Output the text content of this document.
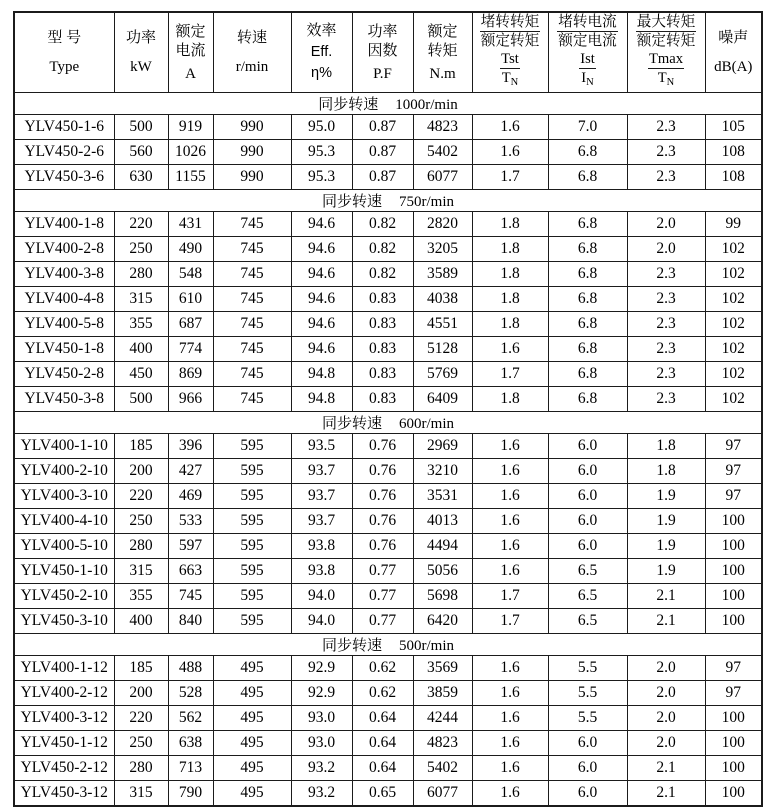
型 号
Type

功率
kW

额定
电流
A

转速
r/min

效率
Eff.
η%

功率
因数
P.F

额定
转矩
N.m

堵转转矩
额定转矩
Tst
$T_N$

堵转电流
额定电流
Ist
$I_N$

最大转矩
额定转矩
Tmax
$T_N$

噪声
dB(A)

同步转速 1000r/min										
YLV450-1-6	500	919	990	95.0	0.87	4823	1.6	7.0	2.3	105
YLV450-2-6	560	1026	990	95.3	0.87	5402	1.6	6.8	2.3	108
YLV450-3-6	630	1155	990	95.3	0.87	6077	1.7	6.8	2.3	108
同步转速 750r/min										
YLV400-1-8	220	431	745	94.6	0.82	2820	1.8	6.8	2.0	99
YLV400-2-8	250	490	745	94.6	0.82	3205	1.8	6.8	2.0	102
YLV400-3-8	280	548	745	94.6	0.82	3589	1.8	6.8	2.3	102
YLV400-4-8	315	610	745	94.6	0.83	4038	1.8	6.8	2.3	102
YLV400-5-8	355	687	745	94.6	0.83	4551	1.8	6.8	2.3	102
YLV450-1-8	400	774	745	94.6	0.83	5128	1.6	6.8	2.3	102
YLV450-2-8	450	869	745	94.8	0.83	5769	1.7	6.8	2.3	102
YLV450-3-8	500	966	745	94.8	0.83	6409	1.8	6.8	2.3	102
同步转速 600r/min										
YLV400-1-10	185	396	595	93.5	0.76	2969	1.6	6.0	1.8	97
YLV400-2-10	200	427	595	93.7	0.76	3210	1.6	6.0	1.8	97
YLV400-3-10	220	469	595	93.7	0.76	3531	1.6	6.0	1.9	97
YLV400-4-10	250	533	595	93.7	0.76	4013	1.6	6.0	1.9	100
YLV400-5-10	280	597	595	93.8	0.76	4494	1.6	6.0	1.9	100
YLV450-1-10	315	663	595	93.8	0.77	5056	1.6	6.5	1.9	100
YLV450-2-10	355	745	595	94.0	0.77	5698	1.7	6.5	2.1	100
YLV450-3-10	400	840	595	94.0	0.77	6420	1.7	6.5	2.1	100
同步转速 500r/min										
YLV400-1-12	185	488	495	92.9	0.62	3569	1.6	5.5	2.0	97
YLV400-2-12	200	528	495	92.9	0.62	3859	1.6	5.5	2.0	97
YLV400-3-12	220	562	495	93.0	0.64	4244	1.6	5.5	2.0	100
YLV450-1-12	250	638	495	93.0	0.64	4823	1.6	6.0	2.0	100
YLV450-2-12	280	713	495	93.2	0.64	5402	1.6	6.0	2.1	100
YLV450-3-12	315	790	495	93.2	0.65	6077	1.6	6.0	2.1	100
